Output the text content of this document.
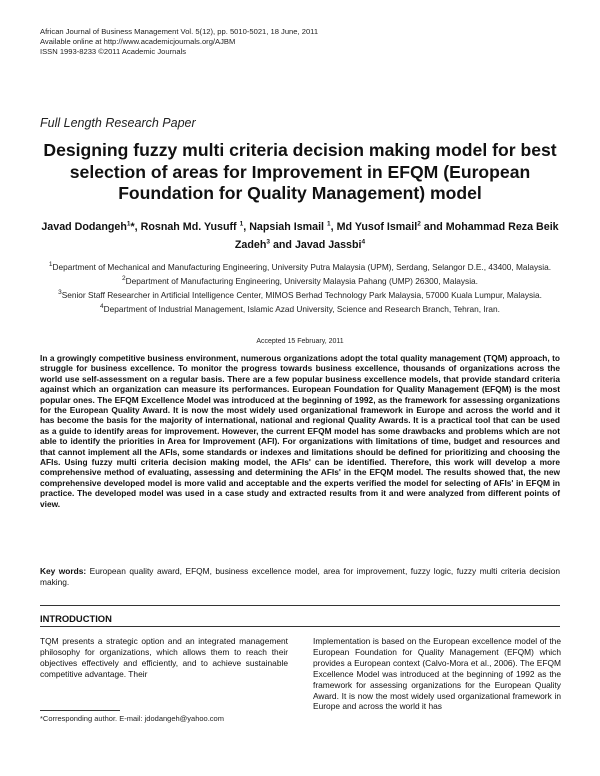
African Journal of Business Management Vol. 5(12), pp. 5010-5021, 18 June, 2011
Available online at http://www.academicjournals.org/AJBM
ISSN 1993-8233 ©2011 Academic Journals
Full Length Research Paper
Designing fuzzy multi criteria decision making model for best selection of areas for Improvement in EFQM (European Foundation for Quality Management) model
Javad Dodangeh$^1$*, Rosnah Md. Yusuff $^1$, Napsiah Ismail $^1$, Md Yusof Ismail$^2$ and Mohammad Reza Beik Zadeh$^3$ and Javad Jassbi$^4$
$^1$Department of Mechanical and Manufacturing Engineering, University Putra Malaysia (UPM), Serdang, Selangor D.E., 43400, Malaysia.
$^2$Department of Manufacturing Engineering, University Malaysia Pahang (UMP) 26300, Malaysia.
$^3$Senior Staff Researcher in Artificial Intelligence Center, MIMOS Berhad Technology Park Malaysia, 57000 Kuala Lumpur, Malaysia.
$^4$Department of Industrial Management, Islamic Azad University, Science and Research Branch, Tehran, Iran.
Accepted 15 February, 2011
In a growingly competitive business environment, numerous organizations adopt the total quality management (TQM) approach, to struggle for business excellence. To monitor the progress towards business excellence, thousands of organizations across the world use self-assessment on a regular basis. There are a few popular business excellence models, that provide standard criteria against which an organization can measure its performances. European Foundation for Quality Management (EFQM) is the most popular ones. The EFQM Excellence Model was introduced at the beginning of 1992, as the framework for assessing organizations for the European Quality Award. It is now the most widely used organizational framework in Europe and across the world and it has become the basis for the majority of international, national and regional Quality Awards. It is a practical tool that can be used as a guide to identify areas for improvement. However, the current EFQM model has some drawbacks and problems which are not able to identify the priorities in Area for Improvement (AFI). For organizations with limitations of time, budget and resources and that cannot implement all the AFIs, some standards or indexes and limitations should be defined for prioritizing and choosing the AFIs. Using fuzzy multi criteria decision making model, the AFIs' can be identified. Therefore, this work will develop a more comprehensive method of evaluating, assessing and determining the AFIs' in the EFQM model. The results showed that, the new comprehensive developed model is more valid and acceptable and the experts verified the model for selecting of AFIs' in EFQM in practice. The developed model was used in a case study and extracted results from it and were analyzed from different points of view.
Key words: European quality award, EFQM, business excellence model, area for improvement, fuzzy logic, fuzzy multi criteria decision making.
INTRODUCTION
TQM presents a strategic option and an integrated management philosophy for organizations, which allows them to reach their objectives effectively and efficiently, and to achieve sustainable competitive advantage. Their
Implementation is based on the European excellence model of the European Foundation for Quality Management (EFQM) which provides a European context (Calvo-Mora et al., 2006). The EFQM Excellence Model was introduced at the beginning of 1992 as the framework for assessing organizations for the European Quality Award. It is now the most widely used organizational framework in Europe and across the world it has
*Corresponding author. E-mail: jdodangeh@yahoo.com
